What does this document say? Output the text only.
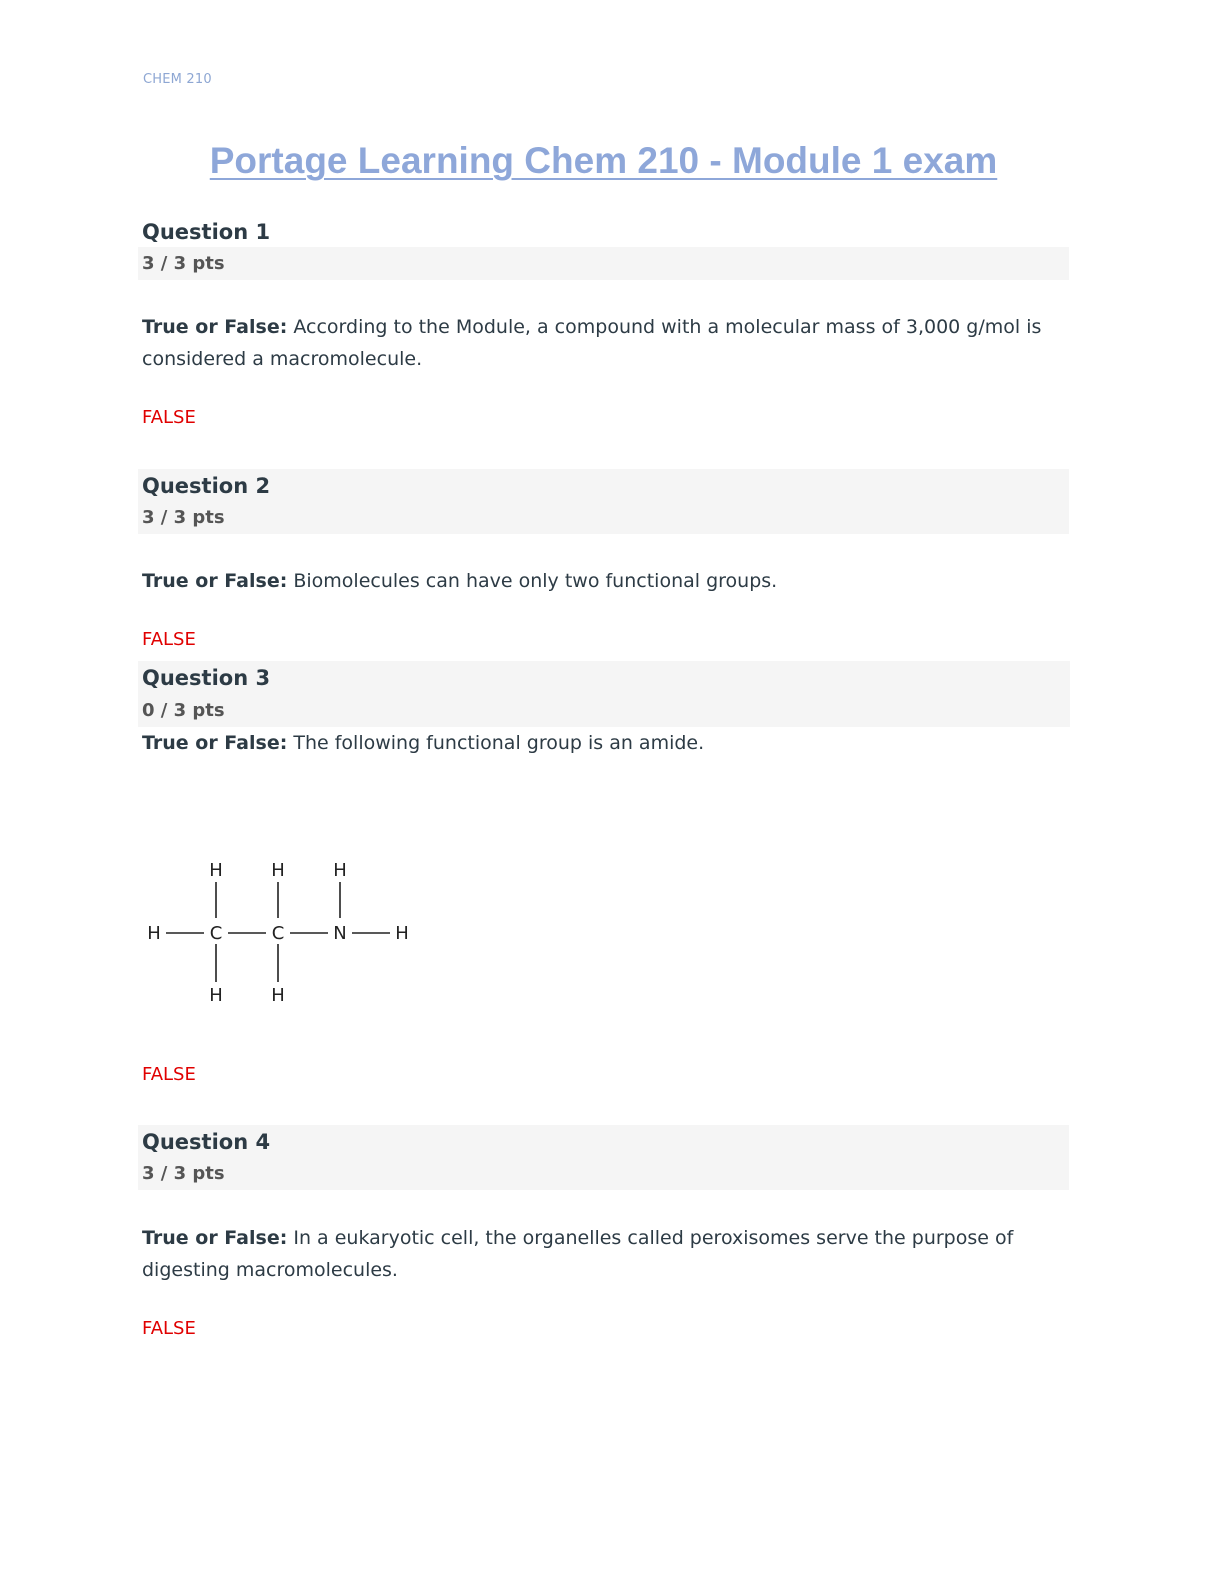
CHEM 210
Portage Learning Chem 210 - Module 1 exam
Question 1
3 / 3 pts
True or False: According to the Module, a compound with a molecular mass of 3,000 g/mol is considered a macromolecule.
FALSE
Question 2
3 / 3 pts
True or False: Biomolecules can have only two functional groups.
FALSE
Question 3
0 / 3 pts
True or False: The following functional group is an amide.
H	H	H
H	C	C	N	H
H	H
FALSE
Question 4
3 / 3 pts
True or False: In a eukaryotic cell, the organelles called peroxisomes serve the purpose of digesting macromolecules.
FALSE
